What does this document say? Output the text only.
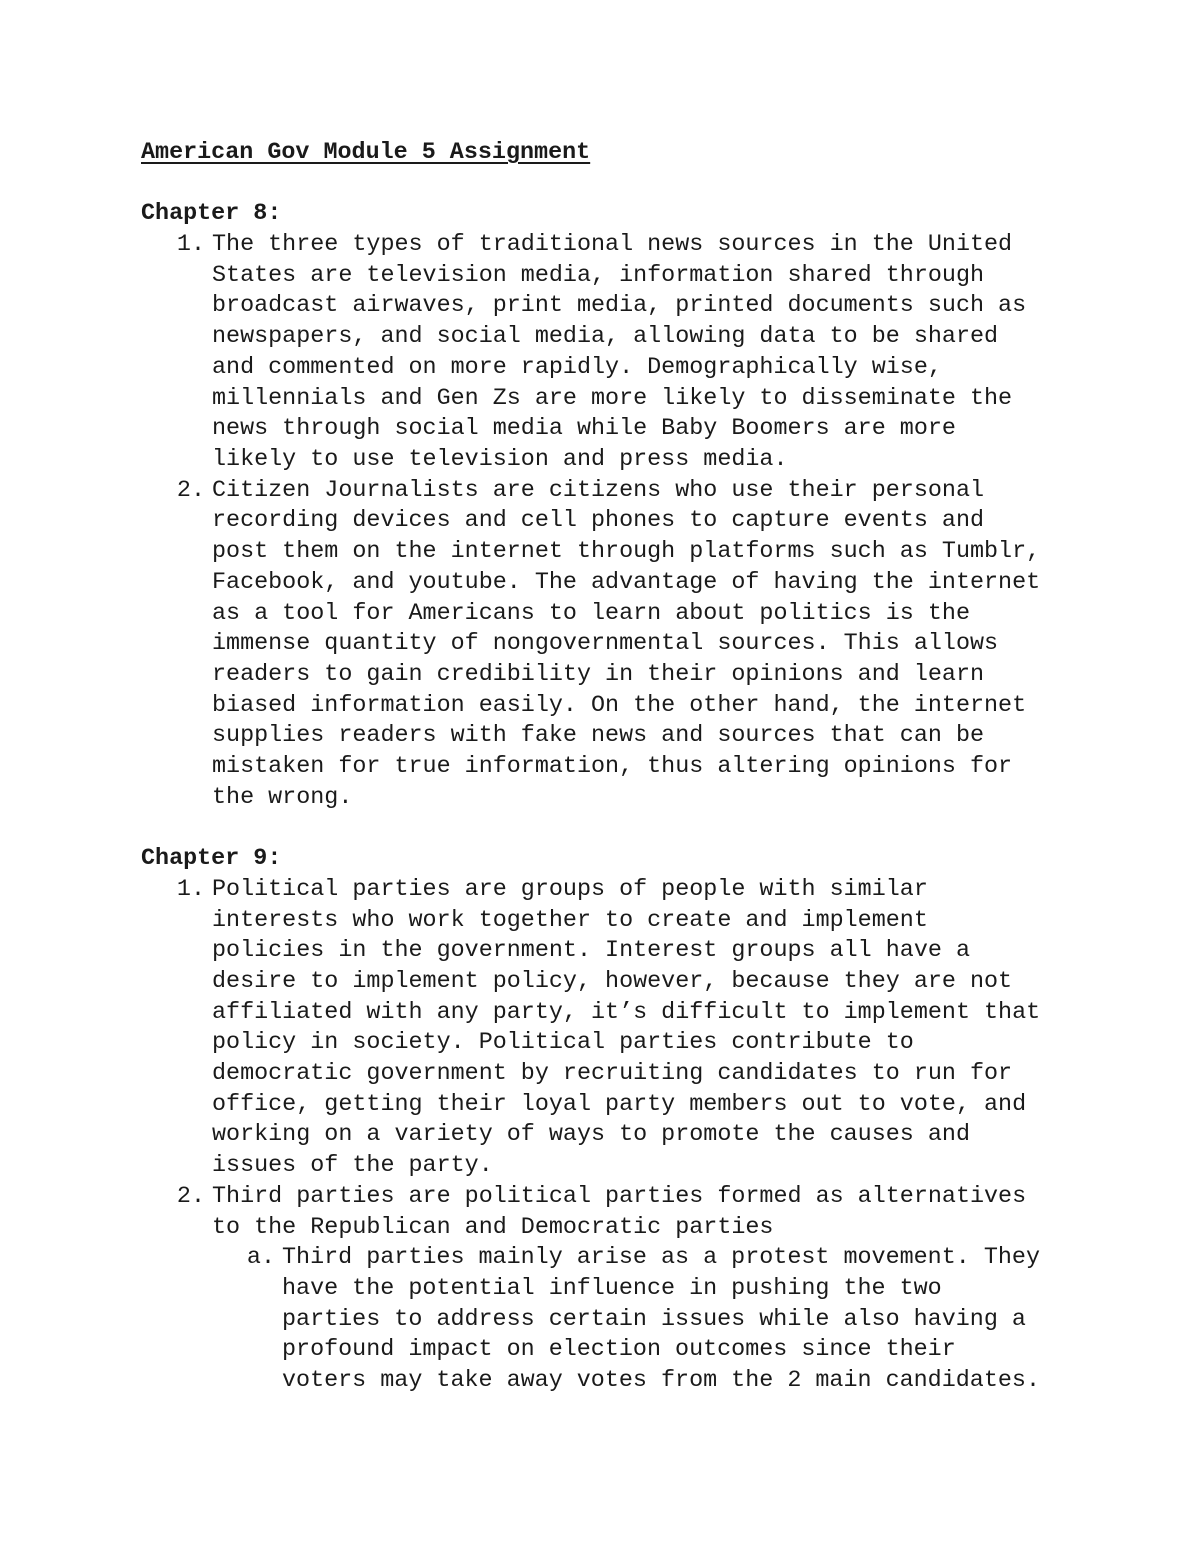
American Gov Module 5 Assignment

Chapter 8:

1. The three types of traditional news sources in the United
States are television media, information shared through
broadcast airwaves, print media, printed documents such as
newspapers, and social media, allowing data to be shared
and commented on more rapidly. Demographically wise,
millennials and Gen Zs are more likely to disseminate the
news through social media while Baby Boomers are more
likely to use television and press media.
2. Citizen Journalists are citizens who use their personal
recording devices and cell phones to capture events and
post them on the internet through platforms such as Tumblr,
Facebook, and youtube. The advantage of having the internet
as a tool for Americans to learn about politics is the
immense quantity of nongovernmental sources. This allows
readers to gain credibility in their opinions and learn
biased information easily. On the other hand, the internet
supplies readers with fake news and sources that can be
mistaken for true information, thus altering opinions for
the wrong.

Chapter 9:

1. Political parties are groups of people with similar
interests who work together to create and implement
policies in the government. Interest groups all have a
desire to implement policy, however, because they are not
affiliated with any party, it’s difficult to implement that
policy in society. Political parties contribute to
democratic government by recruiting candidates to run for
office, getting their loyal party members out to vote, and
working on a variety of ways to promote the causes and
issues of the party.
2. Third parties are political parties formed as alternatives
to the Republican and Democratic parties
a. Third parties mainly arise as a protest movement. They
have the potential influence in pushing the two
parties to address certain issues while also having a
profound impact on election outcomes since their
voters may take away votes from the 2 main candidates.
